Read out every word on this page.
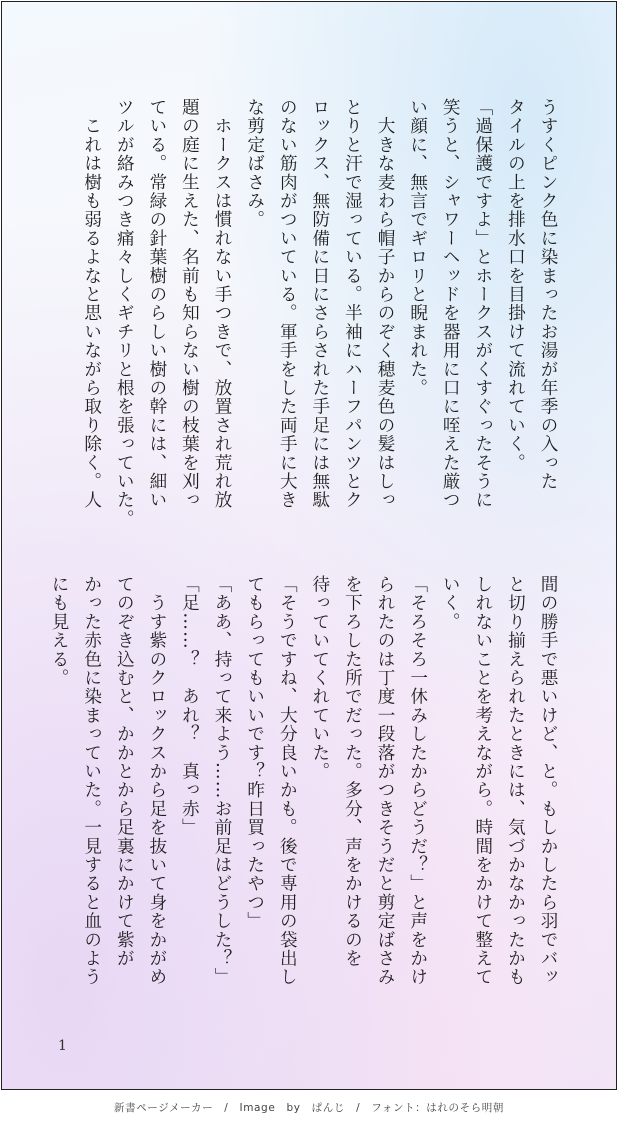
うすくピンク色に染まったお湯が年季の入った
タイルの上を排水口を目掛けて流れていく。
「過保護ですよ」とホークスがくすぐったそうに
笑うと、シャワーヘッドを器用に口に咥えた厳つ
い顔に、無言でギロリと睨まれた。
　大きな麦わら帽子からのぞく穂麦色の髪はしっ
とりと汗で湿っている。半袖にハーフパンツとク
ロックス、無防備に日にさらされた手足には無駄
のない筋肉がついている。軍手をした両手に大き
な剪定ばさみ。
　ホークスは慣れない手つきで、放置され荒れ放
題の庭に生えた、名前も知らない樹の枝葉を刈っ
ている。常緑の針葉樹のらしい樹の幹には、細い
ツルが絡みつき痛々しくギチリと根を張っていた。
　これは樹も弱るよなと思いながら取り除く。人
間の勝手で悪いけど、と。もしかしたら羽でバッ
と切り揃えられたときには、気づかなかったかも
しれないことを考えながら。時間をかけて整えて
いく。
「そろそろ一休みしたからどうだ？」と声をかけ
られたのは丁度一段落がつきそうだと剪定ばさみ
を下ろした所でだった。多分、声をかけるのを
待っていてくれていた。
「そうですね、大分良いかも。後で専用の袋出し
てもらってもいいです？昨日買ったやつ」
「ああ、持って来よう……お前足はどうした？」
「足……？　あれ？　真っ赤」
　うす紫のクロックスから足を抜いて身をかがめ
てのぞき込むと、かかとから足裏にかけて紫が
かった赤色に染まっていた。一見すると血のよう
にも見える。
1
新書ページメーカー　/　Image　by　ぱんじ　/　フォント：はれのそら明朝
